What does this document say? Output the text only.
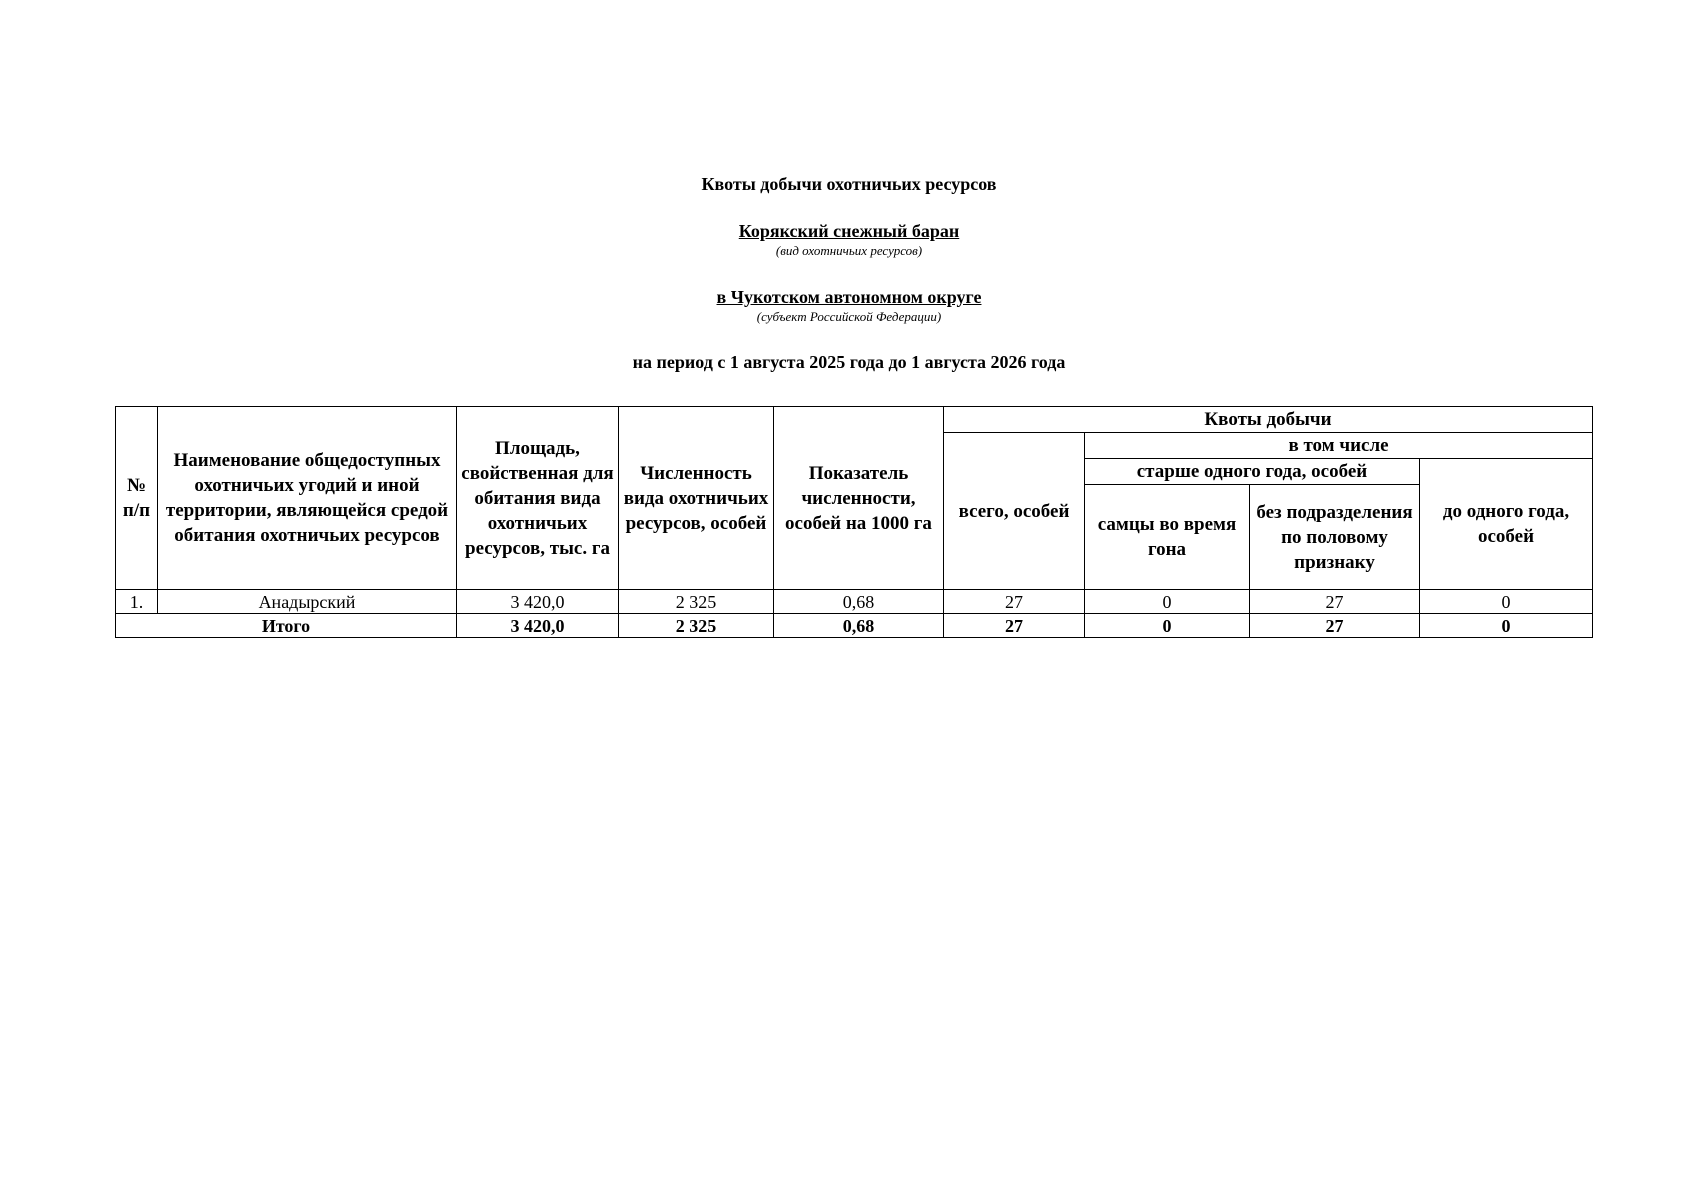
Квоты добычи охотничьих ресурсов
Корякский снежный баран
(вид охотничьих ресурсов)
в Чукотском автономном округе
(субъект Российской Федерации)
на период с 1 августа 2025 года до 1 августа 2026 года
№ п/п	Наименование общедоступных охотничьих угодий и иной территории, являющейся средой обитания охотничьих ресурсов	Площадь, свойственная для обитания вида охотничьих ресурсов, тыс. га	Численность вида охотничьих ресурсов, особей	Показатель численности, особей на 1000 га	Квоты добычи			
					всего, особей	в том числе		
						старше одного года, особей		до одного года, особей
						самцы во время гона	без подразделения по половому признаку	
1.	Анадырский	3 420,0	2 325	0,68	27	0	27	0
Итого		3 420,0	2 325	0,68	27	0	27	0
